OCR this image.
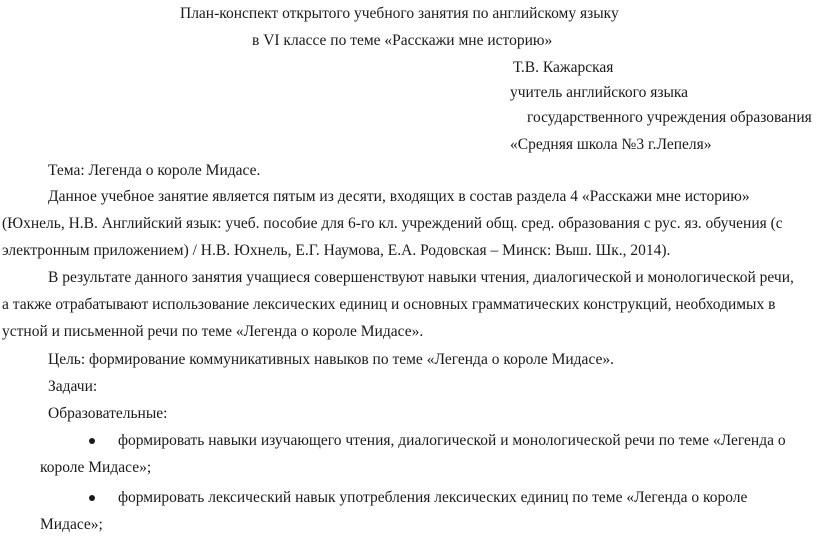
План-конспект открытого учебного занятия по английскому языку
в VI классе по теме «Расскажи мне историю»
Т.В. Кажарская
учитель английского языка
государственного учреждения образования
«Средняя школа №3 г.Лепеля»
Тема: Легенда о короле Мидасе.
Данное учебное занятие является пятым из десяти, входящих в состав раздела 4 «Расскажи мне историю»
(Юхнель, Н.В. Английский язык: учеб. пособие для 6-го кл. учреждений общ. сред. образования с рус. яз. обучения (с
электронным приложением) / Н.В. Юхнель, Е.Г. Наумова, Е.А. Родовская – Минск: Выш. Шк., 2014).
В результате данного занятия учащиеся совершенствуют навыки чтения, диалогической и монологической речи,
а также отрабатывают использование лексических единиц и основных грамматических конструкций, необходимых в
устной и письменной речи по теме «Легенда о короле Мидасе».
Цель: формирование коммуникативных навыков по теме «Легенда о короле Мидасе».
Задачи:
Образовательные:
формировать навыки изучающего чтения, диалогической и монологической речи по теме «Легенда о
короле Мидасе»;
формировать лексический навык употребления лексических единиц по теме «Легенда о короле
Мидасе»;
